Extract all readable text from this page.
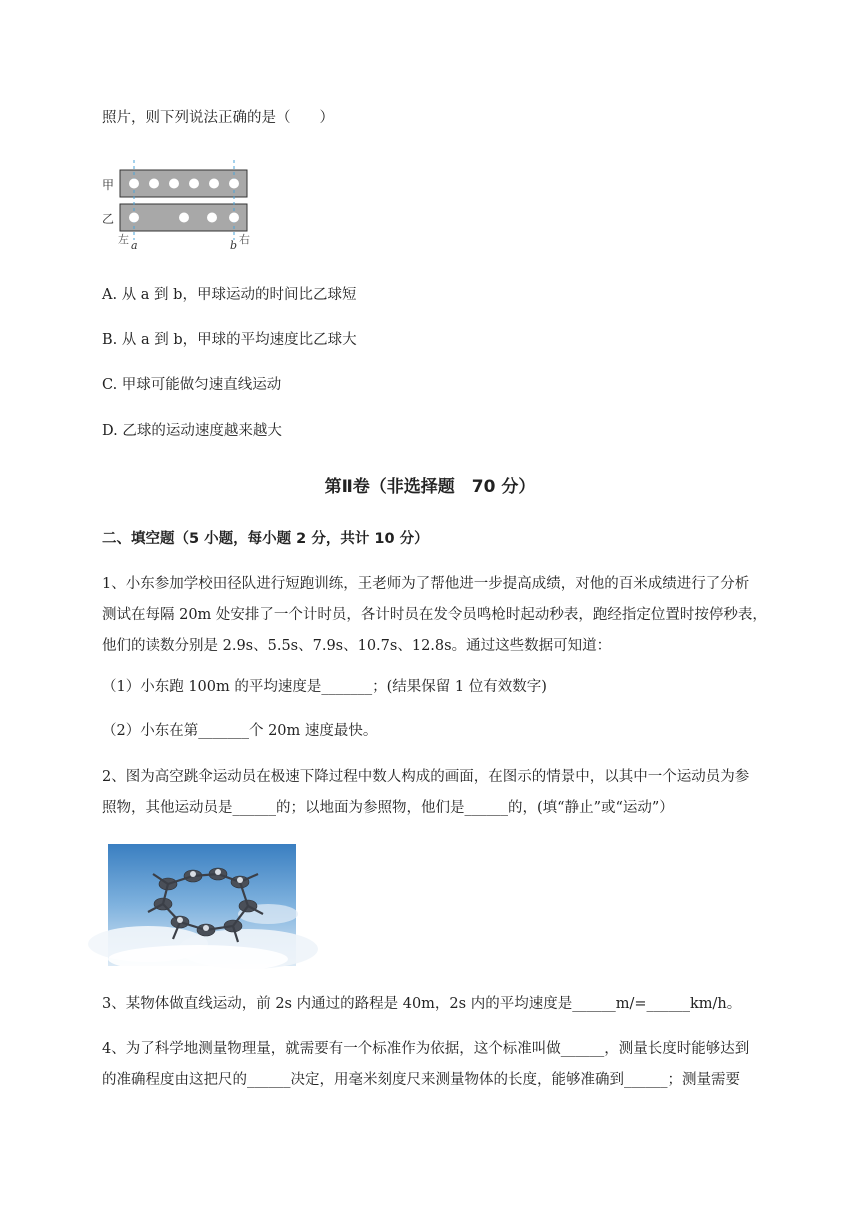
照片，则下列说法正确的是（　　）
甲
乙
左 a	b 右
A. 从 a 到 b，甲球运动的时间比乙球短
B. 从 a 到 b，甲球的平均速度比乙球大
C. 甲球可能做匀速直线运动
D. 乙球的运动速度越来越大
第Ⅱ卷（非选择题　70 分）
二、填空题（5 小题，每小题 2 分，共计 10 分）
1、小东参加学校田径队进行短跑训练，王老师为了帮他进一步提高成绩，对他的百米成绩进行了分析
测试在每隔 20m 处安排了一个计时员，各计时员在发令员鸣枪时起动秒表，跑经指定位置时按停秒表，
他们的读数分别是 2.9s、5.5s、7.9s、10.7s、12.8s。通过这些数据可知道：
（1）小东跑 100m 的平均速度是_______；(结果保留 1 位有效数字)
（2）小东在第_______个 20m 速度最快。
2、图为高空跳伞运动员在极速下降过程中数人构成的画面，在图示的情景中，以其中一个运动员为参
照物，其他运动员是______的；以地面为参照物，他们是______的，(填“静止”或“运动”）
3、某物体做直线运动，前 2s 内通过的路程是 40m，2s 内的平均速度是______m/=______km/h。
4、为了科学地测量物理量，就需要有一个标准作为依据，这个标准叫做______，测量长度时能够达到
的准确程度由这把尺的______决定，用毫米刻度尺来测量物体的长度，能够准确到______；测量需要
